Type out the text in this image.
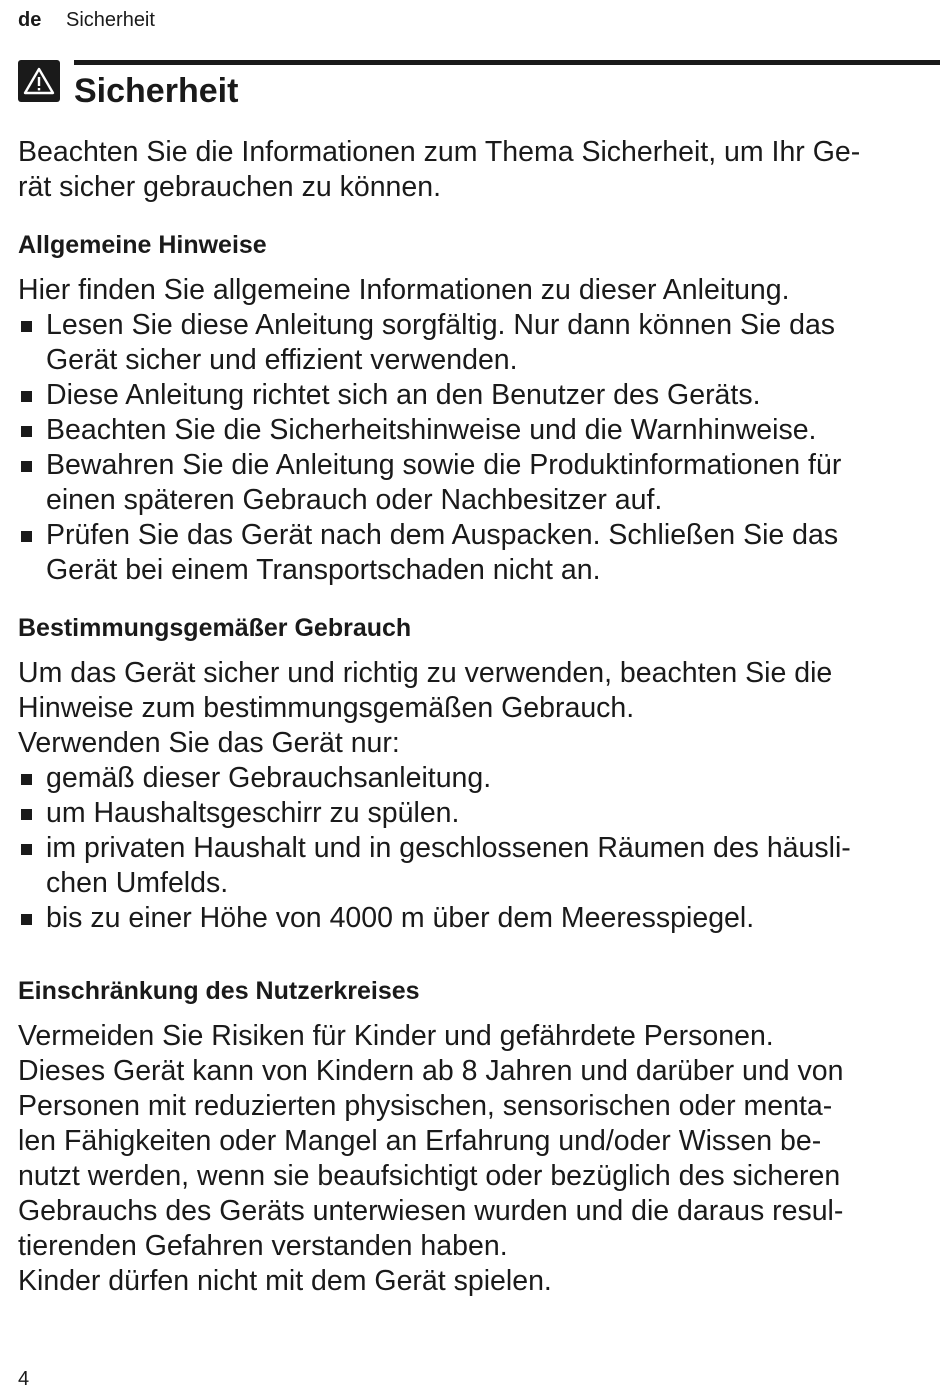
de Sicherheit
Sicherheit

Beachten Sie die Informationen zum Thema Sicherheit, um Ihr Ge-

rät sicher gebrauchen zu können.

Allgemeine Hinweise

Hier finden Sie allgemeine Informationen zu dieser Anleitung.

Lesen Sie diese Anleitung sorgfältig. Nur dann können Sie das
Gerät sicher und effizient verwenden.
Diese Anleitung richtet sich an den Benutzer des Geräts.
Beachten Sie die Sicherheitshinweise und die Warnhinweise.
Bewahren Sie die Anleitung sowie die Produktinformationen für
einen späteren Gebrauch oder Nachbesitzer auf.
Prüfen Sie das Gerät nach dem Auspacken. Schließen Sie das
Gerät bei einem Transportschaden nicht an.
Bestimmungsgemäßer Gebrauch

Um das Gerät sicher und richtig zu verwenden, beachten Sie die

Hinweise zum bestimmungsgemäßen Gebrauch.

Verwenden Sie das Gerät nur:

gemäß dieser Gebrauchsanleitung.
um Haushaltsgeschirr zu spülen.
im privaten Haushalt und in geschlossenen Räumen des häusli-
chen Umfelds.
bis zu einer Höhe von 4000 m über dem Meeresspiegel.
Einschränkung des Nutzerkreises

Vermeiden Sie Risiken für Kinder und gefährdete Personen.

Dieses Gerät kann von Kindern ab 8 Jahren und darüber und von

Personen mit reduzierten physischen, sensorischen oder menta-

len Fähigkeiten oder Mangel an Erfahrung und/oder Wissen be-

nutzt werden, wenn sie beaufsichtigt oder bezüglich des sicheren

Gebrauchs des Geräts unterwiesen wurden und die daraus resul-

tierenden Gefahren verstanden haben.

Kinder dürfen nicht mit dem Gerät spielen.

4
